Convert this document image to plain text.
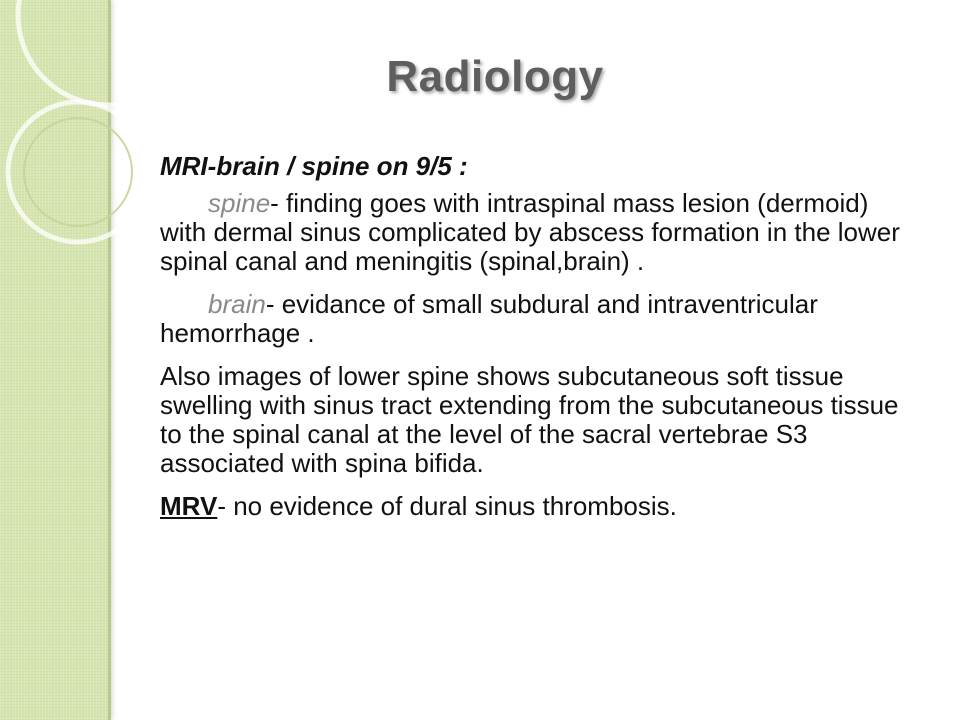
Radiology

MRI-brain / spine on 9/5 :

spine- finding goes with intraspinal mass lesion (dermoid) with dermal sinus complicated by abscess formation in the lower spinal canal and meningitis (spinal,brain) .

brain- evidance of small subdural and intraventricular hemorrhage .

Also images of lower spine shows subcutaneous soft tissue swelling with sinus tract extending from the subcutaneous tissue to the spinal canal at the level of the sacral vertebrae S3 associated with spina bifida.

MRV- no evidence of dural sinus thrombosis.
